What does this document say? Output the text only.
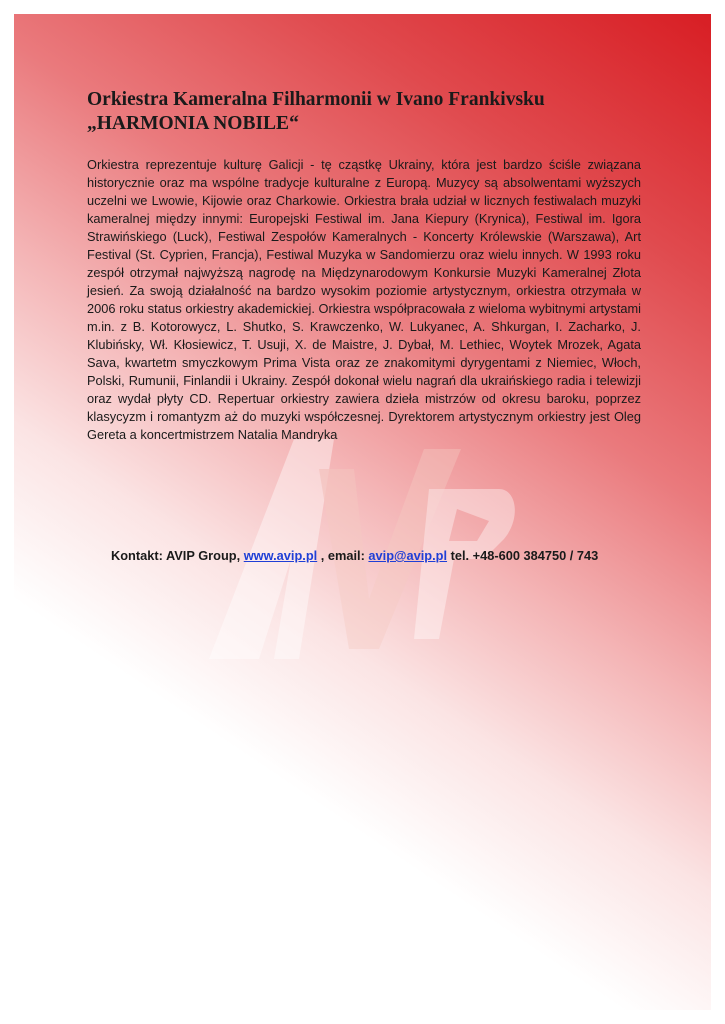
Orkiestra Kameralna Filharmonii w Ivano Frankivsku
„HARMONIA NOBILE“

Orkiestra reprezentuje kulturę Galicji - tę cząstkę Ukrainy, która jest bardzo ściśle związana historycznie oraz ma wspólne tradycje kulturalne z Europą. Muzycy są absolwentami wyższych uczelni we Lwowie, Kijowie oraz Charkowie. Orkiestra brała udział w licznych festiwalach muzyki kameralnej między innymi: Europejski Festiwal im. Jana Kiepury (Krynica), Festiwal im. Igora Strawińskiego (Luck), Festiwal Zespołów Kameralnych - Koncerty Królewskie (Warszawa), Art Festival (St. Cyprien, Francja), Festiwal Muzyka w Sandomierzu oraz wielu innych. W 1993 roku zespół otrzymał najwyższą nagrodę na Międzynarodowym Konkursie Muzyki Kameralnej Złota jesień. Za swoją działalność na bardzo wysokim poziomie artystycznym, orkiestra otrzymała w 2006 roku status orkiestry akademickiej. Orkiestra współpracowała z wieloma wybitnymi artystami m.in. z B. Kotorowycz, L. Shutko, S. Krawczenko, W. Lukyanec, A. Shkurgan, I. Zacharko, J. Klubińsky, Wł. Kłosiewicz, T. Usuji, X. de Maistre, J. Dybał, M. Lethiec, Woytek Mrozek, Agata Sava, kwartetm smyczkowym Prima Vista oraz ze znakomitymi dyrygentami z Niemiec, Włoch, Polski, Rumunii, Finlandii i Ukrainy. Zespół dokonał wielu nagrań dla ukraińskiego radia i telewizji oraz wydał płyty CD. Repertuar orkiestry zawiera dzieła mistrzów od okresu baroku, poprzez klasycyzm i romantyzm aż do muzyki współczesnej. Dyrektorem artystycznym orkiestry jest Oleg Gereta a koncertmistrzem Natalia Mandryka

Kontakt: AVIP Group, www.avip.pl , email: avip@avip.pl tel. +48-600 384750 / 743
